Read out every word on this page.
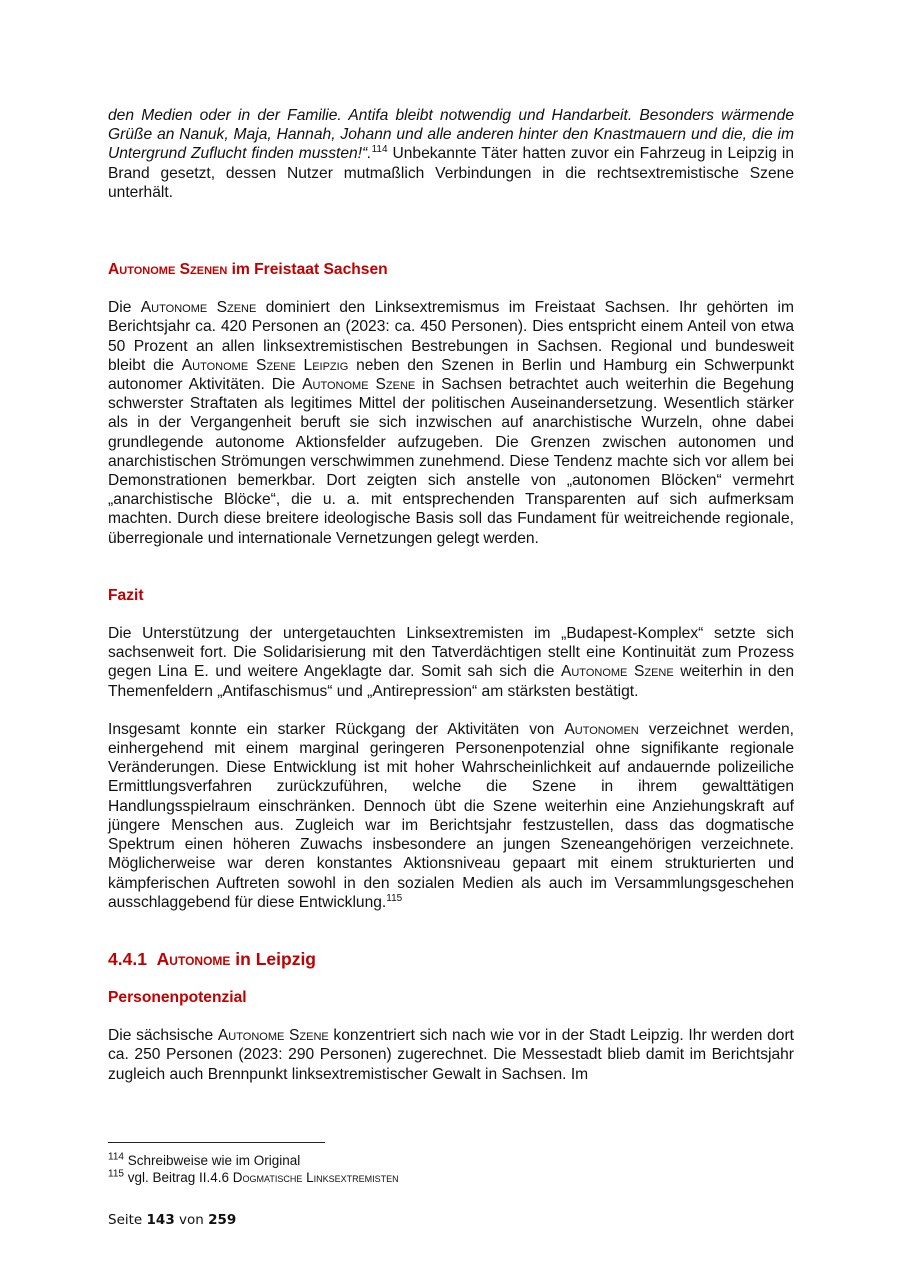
den Medien oder in der Familie. Antifa bleibt notwendig und Handarbeit. Besonders wärmende Grüße an Nanuk, Maja, Hannah, Johann und alle anderen hinter den Knastmauern und die, die im Untergrund Zuflucht finden mussten!“.$^{114}$ Unbekannte Täter hatten zuvor ein Fahrzeug in Leipzig in Brand gesetzt, dessen Nutzer mutmaßlich Verbindungen in die rechtsextremistische Szene unterhält.

Autonome Szenen im Freistaat Sachsen

Die Autonome Szene dominiert den Linksextremismus im Freistaat Sachsen. Ihr gehörten im Berichtsjahr ca. 420 Personen an (2023: ca. 450 Personen). Dies entspricht einem Anteil von etwa 50 Prozent an allen linksextremistischen Bestrebungen in Sachsen. Regional und bundesweit bleibt die Autonome Szene Leipzig neben den Szenen in Berlin und Hamburg ein Schwerpunkt autonomer Aktivitäten. Die Autonome Szene in Sachsen betrachtet auch weiterhin die Begehung schwerster Straftaten als legitimes Mittel der politischen Auseinandersetzung. Wesentlich stärker als in der Vergangenheit beruft sie sich inzwischen auf anarchistische Wurzeln, ohne dabei grundlegende autonome Aktionsfelder aufzugeben. Die Grenzen zwischen autonomen und anarchistischen Strömungen verschwimmen zunehmend. Diese Tendenz machte sich vor allem bei Demonstrationen bemerkbar. Dort zeigten sich anstelle von „autonomen Blöcken“ vermehrt „anarchistische Blöcke“, die u. a. mit entsprechenden Transparenten auf sich aufmerksam machten. Durch diese breitere ideologische Basis soll das Fundament für weitreichende regionale, überregionale und internationale Vernetzungen gelegt werden.

Fazit

Die Unterstützung der untergetauchten Linksextremisten im „Budapest-Komplex“ setzte sich sachsenweit fort. Die Solidarisierung mit den Tatverdächtigen stellt eine Kontinuität zum Prozess gegen Lina E. und weitere Angeklagte dar. Somit sah sich die Autonome Szene weiterhin in den Themenfeldern „Antifaschismus“ und „Antirepression“ am stärksten bestätigt.

Insgesamt konnte ein starker Rückgang der Aktivitäten von Autonomen verzeichnet werden, einhergehend mit einem marginal geringeren Personenpotenzial ohne signifikante regionale Veränderungen. Diese Entwicklung ist mit hoher Wahrscheinlichkeit auf andauernde polizeiliche Ermittlungsverfahren zurückzuführen, welche die Szene in ihrem gewalttätigen Handlungsspielraum einschränken. Dennoch übt die Szene weiterhin eine Anziehungskraft auf jüngere Menschen aus. Zugleich war im Berichtsjahr festzustellen, dass das dogmatische Spektrum einen höheren Zuwachs insbesondere an jungen Szeneangehörigen verzeichnete. Möglicherweise war deren konstantes Aktionsniveau gepaart mit einem strukturierten und kämpferischen Auftreten sowohl in den sozialen Medien als auch im Versammlungsgeschehen ausschlaggebend für diese Entwicklung.$^{115}$

4.4.1 Autonome in Leipzig
Personenpotenzial

Die sächsische Autonome Szene konzentriert sich nach wie vor in der Stadt Leipzig. Ihr werden dort ca. 250 Personen (2023: 290 Personen) zugerechnet. Die Messestadt blieb damit im Berichtsjahr zugleich auch Brennpunkt linksextremistischer Gewalt in Sachsen. Im

$^{114}$ Schreibweise wie im Original

$^{115}$ vgl. Beitrag II.4.6 Dogmatische Linksextremisten

Seite 143 von 259
